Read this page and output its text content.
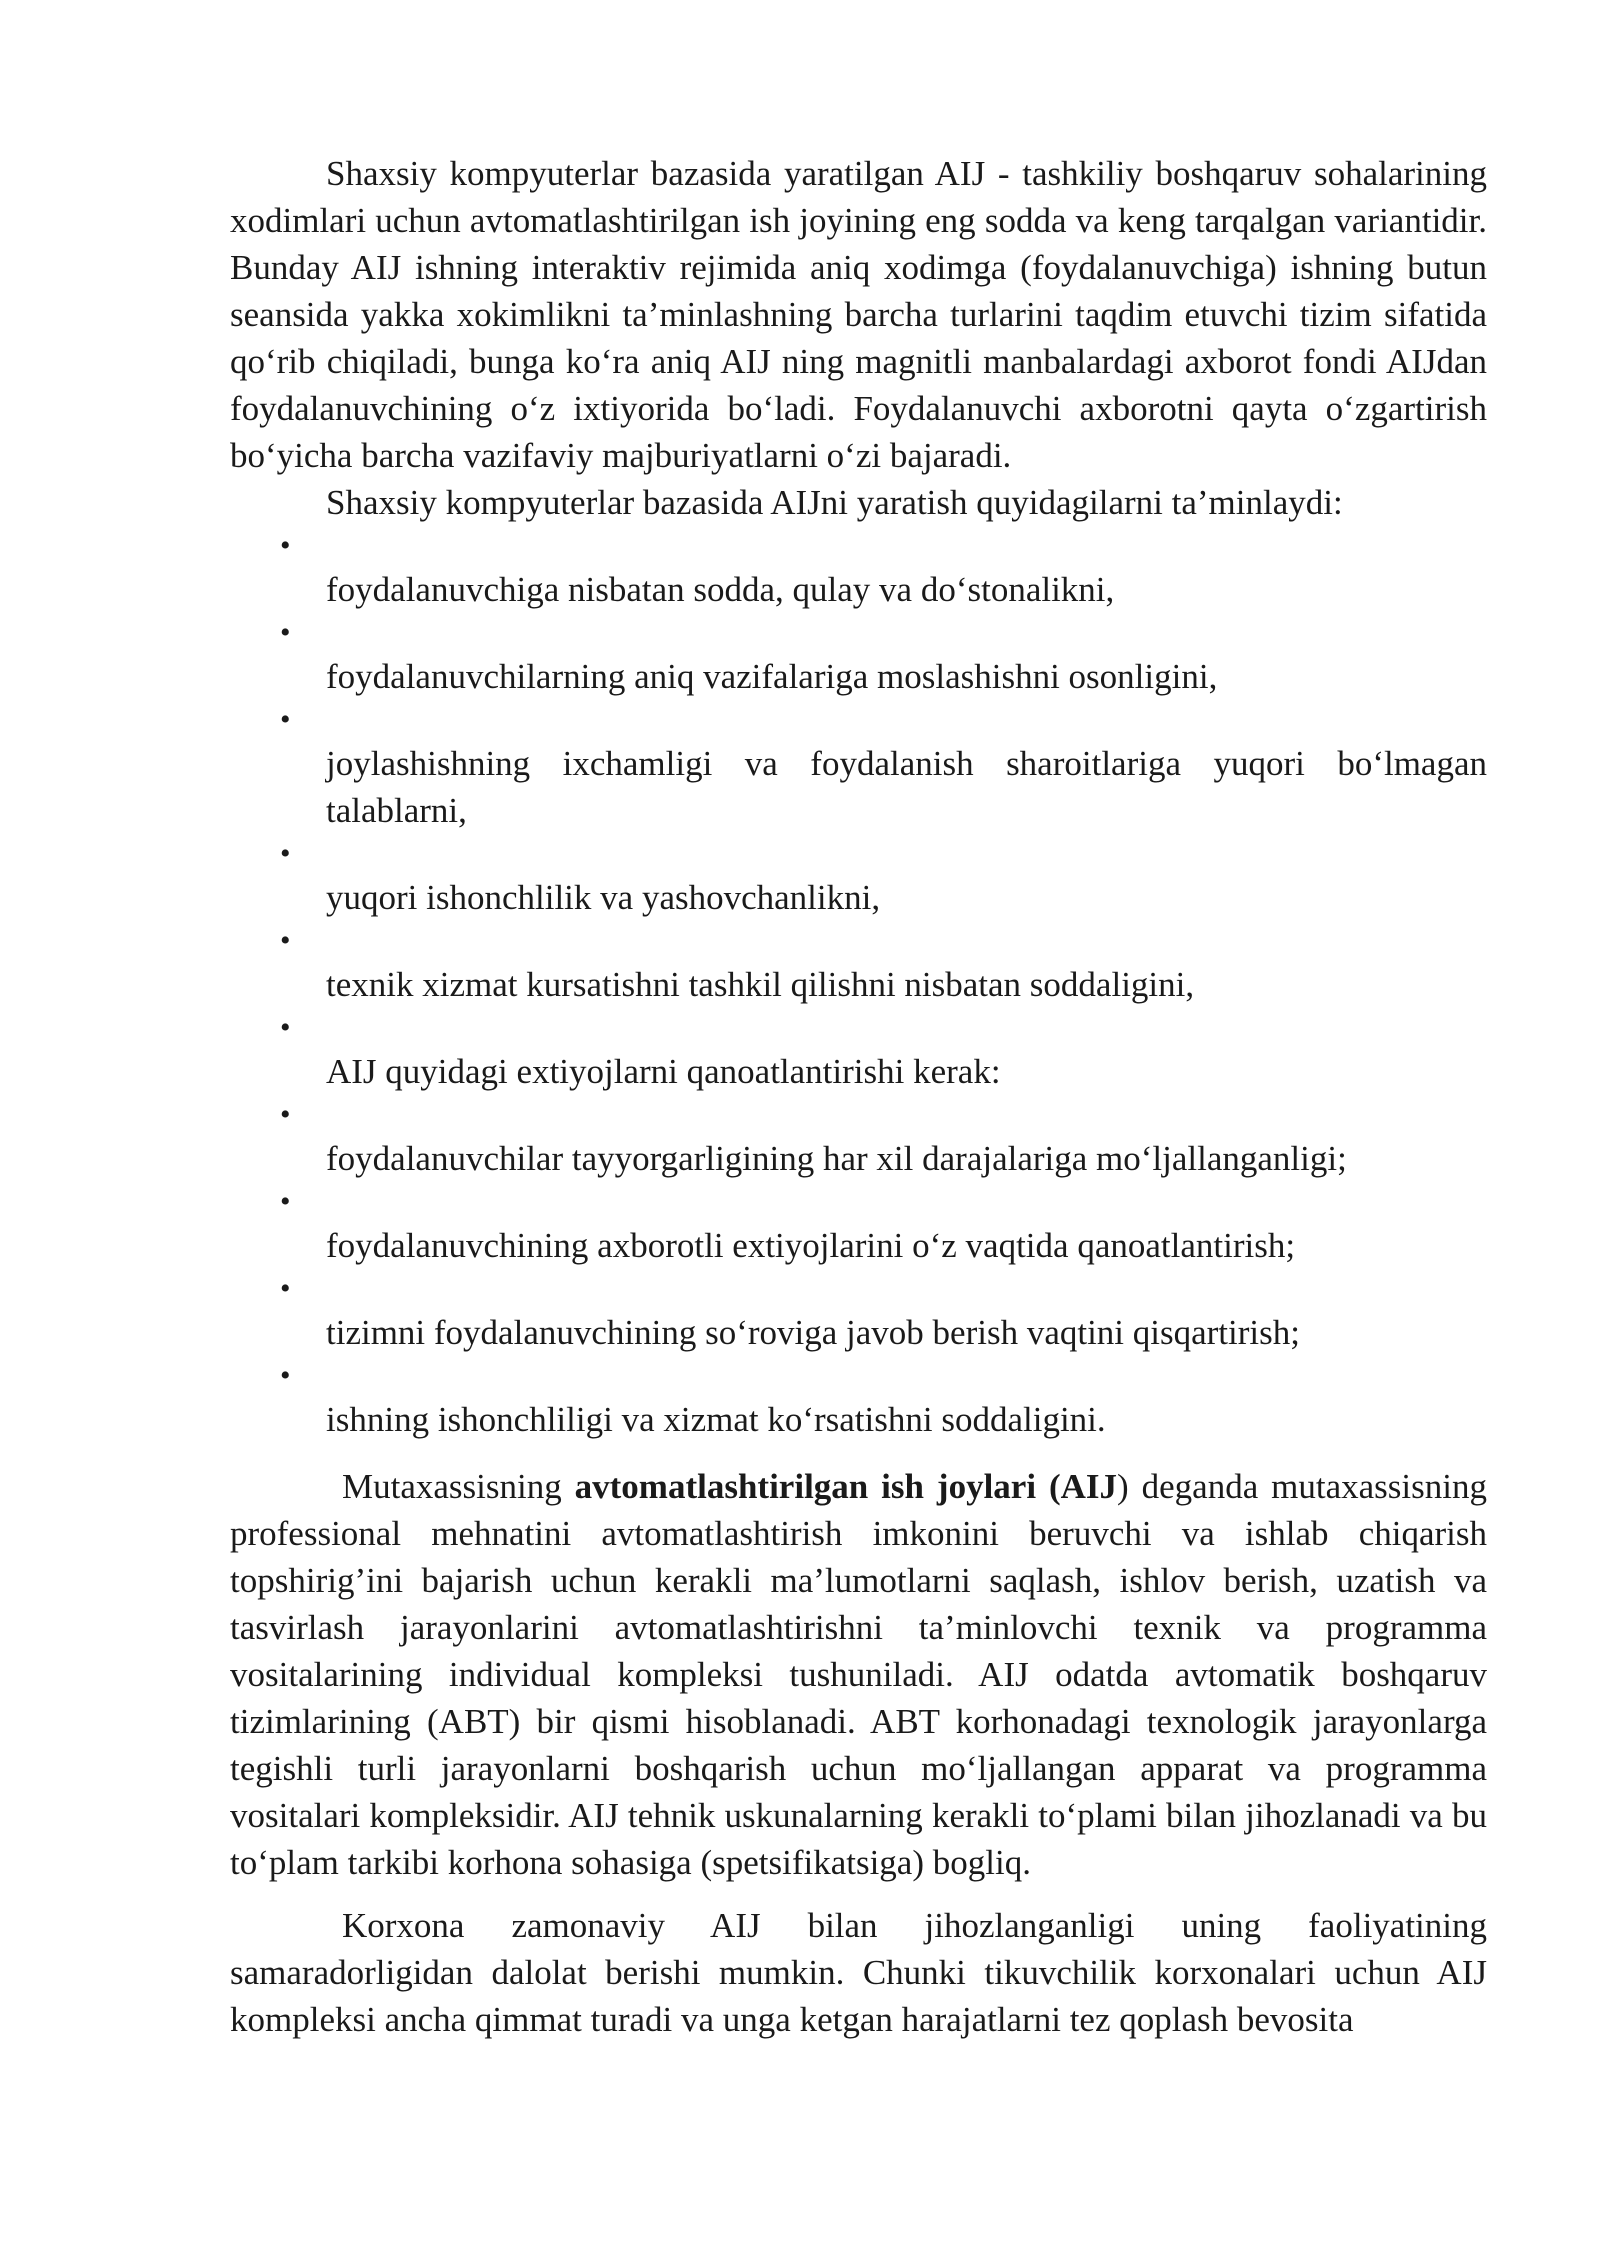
Shaxsiy kompyuterlar bazasida yaratilgan AIJ - tashkiliy boshqaruv sohalarining xodimlari uchun avtomatlashtirilgan ish joyining eng sodda va keng tarqalgan variantidir. Bunday AIJ ishning interaktiv rejimida aniq xodimga (foydalanuvchiga) ishning butun seansida yakka xokimlikni ta’minlashning barcha turlarini taqdim etuvchi tizim sifatida qo‘rib chiqiladi, bunga ko‘ra aniq AIJ ning magnitli manbalardagi axborot fondi AIJdan foydalanuvchining o‘z ixtiyorida bo‘ladi. Foydalanuvchi axborotni qayta o‘zgartirish bo‘yicha barcha vazifaviy majburiyatlarni o‘zi bajaradi.

Shaxsiy kompyuterlar bazasida AIJni yaratish quyidagilarni ta’minlaydi:

•
foydalanuvchiga nisbatan sodda, qulay va do‘stonalikni,
•
foydalanuvchilarning aniq vazifalariga moslashishni osonligini,
•
joylashishning ixchamligi va foydalanish sharoitlariga yuqori bo‘lmagan talablarni,
•
yuqori ishonchlilik va yashovchanlikni,
•
texnik xizmat kursatishni tashkil qilishni nisbatan soddaligini,
•
AIJ quyidagi extiyojlarni qanoatlantirishi kerak:
•
foydalanuvchilar tayyorgarligining har xil darajalariga mo‘ljallanganligi;
•
foydalanuvchining axborotli extiyojlarini o‘z vaqtida qanoatlantirish;
•
tizimni foydalanuvchining so‘roviga javob berish vaqtini qisqartirish;
•
ishning ishonchliligi va xizmat ko‘rsatishni soddaligini.

Mutaxassisning avtomatlashtirilgan ish joylari (AIJ) deganda mutaxassisning professional mehnatini avtomatlashtirish imkonini beruvchi va ishlab chiqarish topshirig’ini bajarish uchun kerakli ma’lumotlarni saqlash, ishlov berish, uzatish va tasvirlash jarayonlarini avtomatlashtirishni ta’minlovchi texnik va programma vositalarining individual kompleksi tushuniladi. AIJ odatda avtomatik boshqaruv tizimlarining (ABT) bir qismi hisoblanadi. ABT korhonadagi texnologik jarayonlarga tegishli turli jarayonlarni boshqarish uchun mo‘ljallangan apparat va programma vositalari kompleksidir. AIJ tehnik uskunalarning kerakli to‘plami bilan jihozlanadi va bu to‘plam tarkibi korhona sohasiga (spetsifikatsiga) bogliq.

Korxona zamonaviy AIJ bilan jihozlanganligi uning faoliyatining samaradorligidan dalolat berishi mumkin. Chunki tikuvchilik korxonalari uchun AIJ kompleksi ancha qimmat turadi va unga ketgan harajatlarni tez qoplash bevosita
